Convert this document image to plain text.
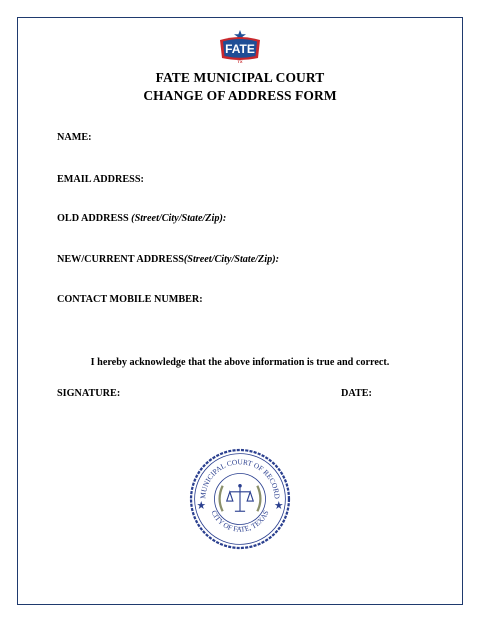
FATE
TX
FATE MUNICIPAL COURT
CHANGE OF ADDRESS FORM
NAME:
EMAIL ADDRESS:
OLD ADDRESS (Street/City/State/Zip):
NEW/CURRENT ADDRESS(Street/City/State/Zip):
CONTACT MOBILE NUMBER:
I hereby acknowledge that the above information is true and correct.
SIGNATURE:	DATE:
MUNICIPAL COURT OF RECORD
CITY OF FATE, TEXAS
